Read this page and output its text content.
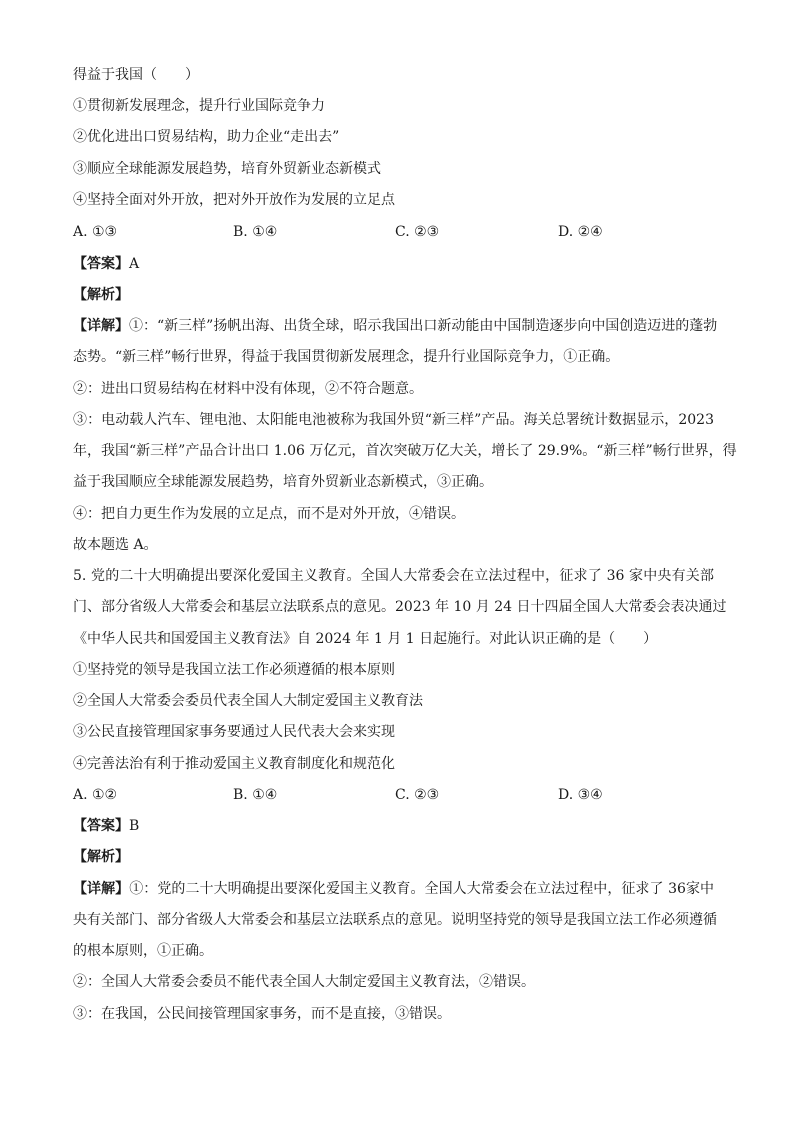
得益于我国（　　）
①贯彻新发展理念，提升行业国际竞争力
②优化进出口贸易结构，助力企业“走出去”
③顺应全球能源发展趋势，培育外贸新业态新模式
④坚持全面对外开放，把对外开放作为发展的立足点
A. ①③	B. ①④	C. ②③	D. ②④
【答案】A
【解析】
【详解】①：“新三样”扬帆出海、出货全球，昭示我国出口新动能由中国制造逐步向中国创造迈进的蓬勃
态势。“新三样”畅行世界，得益于我国贯彻新发展理念，提升行业国际竞争力，①正确。
②：进出口贸易结构在材料中没有体现，②不符合题意。
③：电动载人汽车、锂电池、太阳能电池被称为我国外贸“新三样”产品。海关总署统计数据显示，2023
年，我国“新三样”产品合计出口 1.06 万亿元，首次突破万亿大关，增长了 29.9%。“新三样”畅行世界，得
益于我国顺应全球能源发展趋势，培育外贸新业态新模式，③正确。
④：把自力更生作为发展的立足点，而不是对外开放，④错误。
故本题选 A。
5. 党的二十大明确提出要深化爱国主义教育。全国人大常委会在立法过程中，征求了 36 家中央有关部
门、部分省级人大常委会和基层立法联系点的意见。2023 年 10 月 24 日十四届全国人大常委会表决通过
《中华人民共和国爱国主义教育法》自 2024 年 1 月 1 日起施行。对此认识正确的是（　　）
①坚持党的领导是我国立法工作必须遵循的根本原则
②全国人大常委会委员代表全国人大制定爱国主义教育法
③公民直接管理国家事务要通过人民代表大会来实现
④完善法治有利于推动爱国主义教育制度化和规范化
A. ①②	B. ①④	C. ②③	D. ③④
【答案】B
【解析】
【详解】①：党的二十大明确提出要深化爱国主义教育。全国人大常委会在立法过程中，征求了 36家中
央有关部门、部分省级人大常委会和基层立法联系点的意见。说明坚持党的领导是我国立法工作必须遵循
的根本原则，①正确。
②：全国人大常委会委员不能代表全国人大制定爱国主义教育法，②错误。
③：在我国，公民间接管理国家事务，而不是直接，③错误。
